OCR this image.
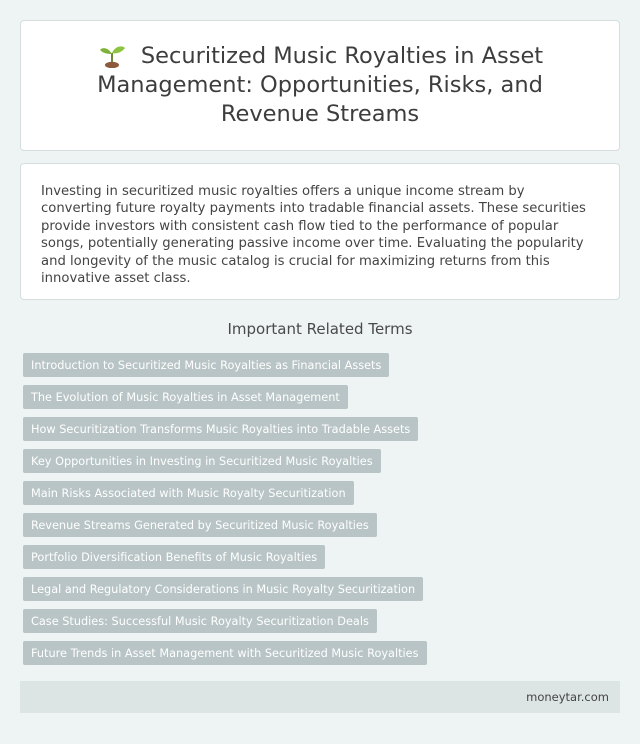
Securitized Music Royalties in Asset Management: Opportunities, Risks, and Revenue Streams

Investing in securitized music royalties offers a unique income stream by converting future royalty payments into tradable financial assets. These securities provide investors with consistent cash flow tied to the performance of popular songs, potentially generating passive income over time. Evaluating the popularity and longevity of the music catalog is crucial for maximizing returns from this innovative asset class.

Important Related Terms
Introduction to Securitized Music Royalties as Financial Assets
The Evolution of Music Royalties in Asset Management
How Securitization Transforms Music Royalties into Tradable Assets
Key Opportunities in Investing in Securitized Music Royalties
Main Risks Associated with Music Royalty Securitization
Revenue Streams Generated by Securitized Music Royalties
Portfolio Diversification Benefits of Music Royalties
Legal and Regulatory Considerations in Music Royalty Securitization
Case Studies: Successful Music Royalty Securitization Deals
Future Trends in Asset Management with Securitized Music Royalties
moneytar.com
